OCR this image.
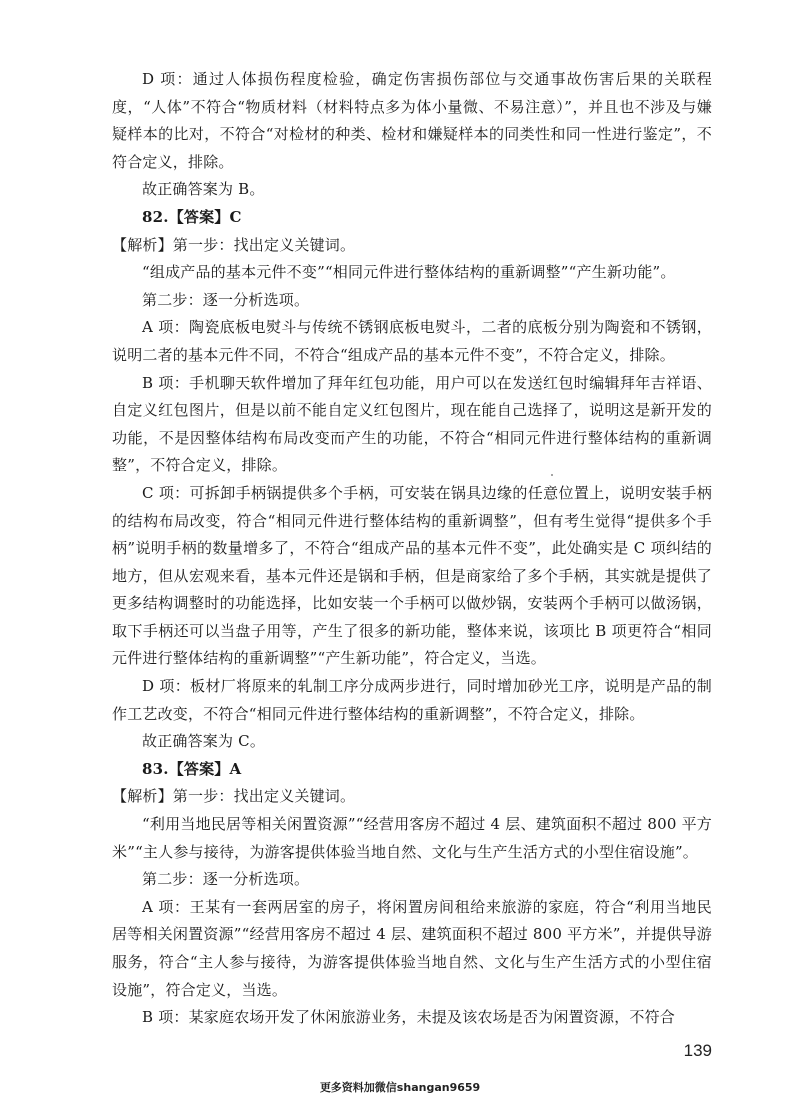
D 项：通过人体损伤程度检验，确定伤害损伤部位与交通事故伤害后果的关联程度，“人体”不符合“物质材料（材料特点多为体小量微、不易注意）”，并且也不涉及与嫌疑样本的比对，不符合“对检材的种类、检材和嫌疑样本的同类性和同一性进行鉴定”，不符合定义，排除。

故正确答案为 B。

82.【答案】C

【解析】第一步：找出定义关键词。

“组成产品的基本元件不变”“相同元件进行整体结构的重新调整”“产生新功能”。

第二步：逐一分析选项。

A 项：陶瓷底板电熨斗与传统不锈钢底板电熨斗，二者的底板分别为陶瓷和不锈钢，说明二者的基本元件不同，不符合“组成产品的基本元件不变”，不符合定义，排除。

B 项：手机聊天软件增加了拜年红包功能，用户可以在发送红包时编辑拜年吉祥语、自定义红包图片，但是以前不能自定义红包图片，现在能自己选择了，说明这是新开发的功能，不是因整体结构布局改变而产生的功能，不符合“相同元件进行整体结构的重新调整”，不符合定义，排除。

C 项：可拆卸手柄锅提供多个手柄，可安装在锅具边缘的任意位置上，说明安装手柄的结构布局改变，符合“相同元件进行整体结构的重新调整”，但有考生觉得“提供多个手柄”说明手柄的数量增多了，不符合“组成产品的基本元件不变”，此处确实是 C 项纠结的地方，但从宏观来看，基本元件还是锅和手柄，但是商家给了多个手柄，其实就是提供了更多结构调整时的功能选择，比如安装一个手柄可以做炒锅，安装两个手柄可以做汤锅，取下手柄还可以当盘子用等，产生了很多的新功能，整体来说，该项比 B 项更符合“相同元件进行整体结构的重新调整”“产生新功能”，符合定义，当选。

D 项：板材厂将原来的轧制工序分成两步进行，同时增加砂光工序，说明是产品的制作工艺改变，不符合“相同元件进行整体结构的重新调整”，不符合定义，排除。

故正确答案为 C。

83.【答案】A

【解析】第一步：找出定义关键词。

“利用当地民居等相关闲置资源”“经营用客房不超过 4 层、建筑面积不超过 800 平方米”“主人参与接待，为游客提供体验当地自然、文化与生产生活方式的小型住宿设施”。

第二步：逐一分析选项。

A 项：王某有一套两居室的房子，将闲置房间租给来旅游的家庭，符合“利用当地民居等相关闲置资源”“经营用客房不超过 4 层、建筑面积不超过 800 平方米”，并提供导游服务，符合“主人参与接待，为游客提供体验当地自然、文化与生产生活方式的小型住宿设施”，符合定义，当选。

B 项：某家庭农场开发了休闲旅游业务，未提及该农场是否为闲置资源，不符合

139
更多资料加微信shangan9659
